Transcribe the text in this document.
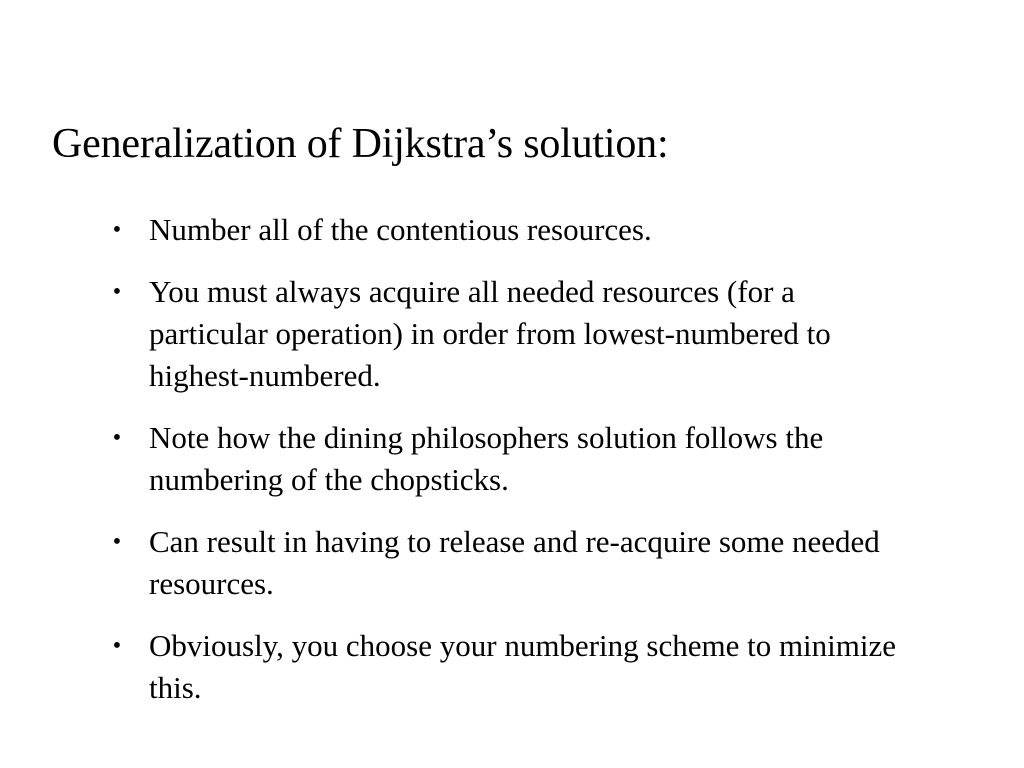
Generalization of Dijkstra’s solution:
• Number all of the contentious resources.
• You must always acquire all needed resources (for a particular operation) in order from lowest-numbered to highest-numbered.
• Note how the dining philosophers solution follows the numbering of the chopsticks.
• Can result in having to release and re-acquire some needed resources.
• Obviously, you choose your numbering scheme to minimize this.
